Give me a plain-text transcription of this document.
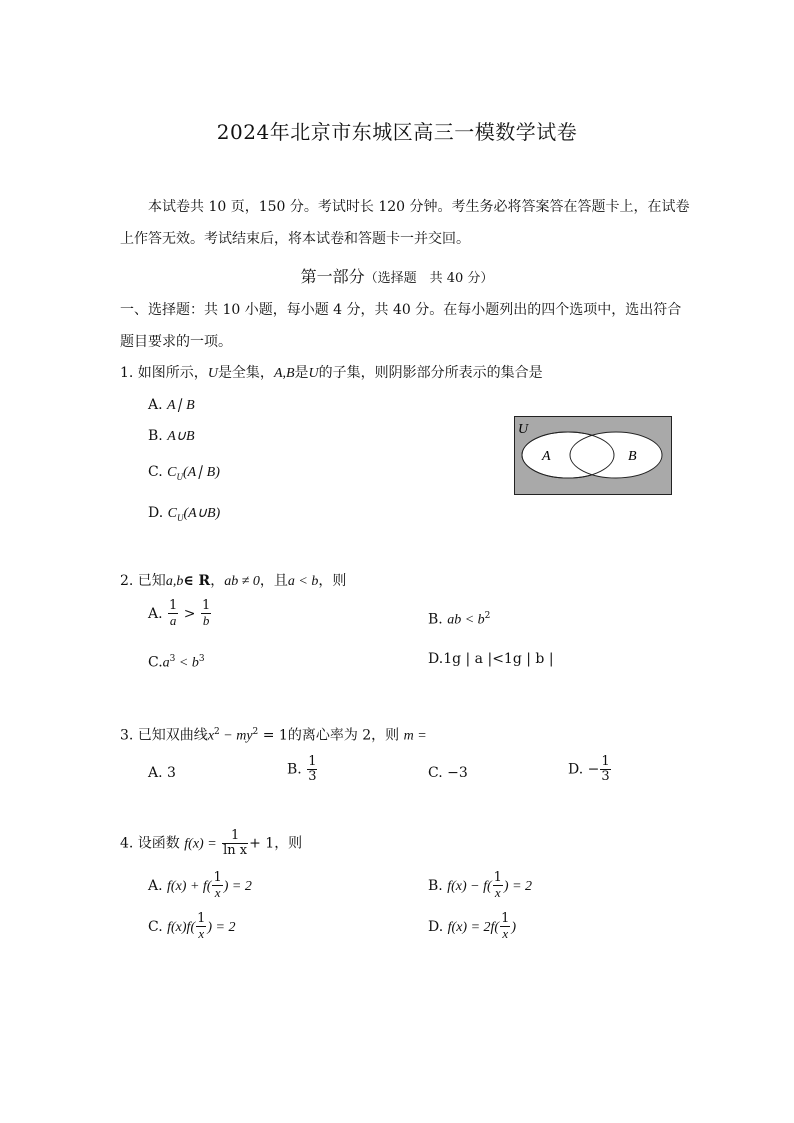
2024年北京市东城区高三一模数学试卷
本试卷共 10 页，150 分。考试时长 120 分钟。考生务必将答案答在答题卡上，在试卷
上作答无效。考试结束后，将本试卷和答题卡一并交回。
第一部分（选择题　共 40 分）
一、选择题：共 10 小题，每小题 4 分，共 40 分。在每小题列出的四个选项中，选出符合
题目要求的一项。
1. 如图所示，U是全集，A,B是U的子集，则阴影部分所表示的集合是
A. A∣ B
B. A∪B
C. $C_U(A∣$ B)
D. $C_U(A\cup B)$
U
A	B
2. 已知a,b∈ R，ab ≠ 0，且a < b，则
A. $\frac{1}{a} > \frac{1}{b}$	B. ab < $b^2$
$C.a^3 < b^3$	D.1g | a |<1g | b |
3. 已知双曲线$x^2 - my^2 = 1$的离心率为 2，则 m =
A. 3	B. $\frac{1}{3}$	C. −3	D. − $\frac{1}{3}$
4. 设函数 $f(x) = \frac{1}{\text{ln x}} + 1$，则
A. $f(x) + f( \frac{1}{x}$ ) = 2	B. $f(x) - f( \frac{1}{x}$ ) = 2
C. $f(x)f( \frac{1}{x}$ ) = 2	D. $f(x) = 2f( \frac{1}{x}$ )
